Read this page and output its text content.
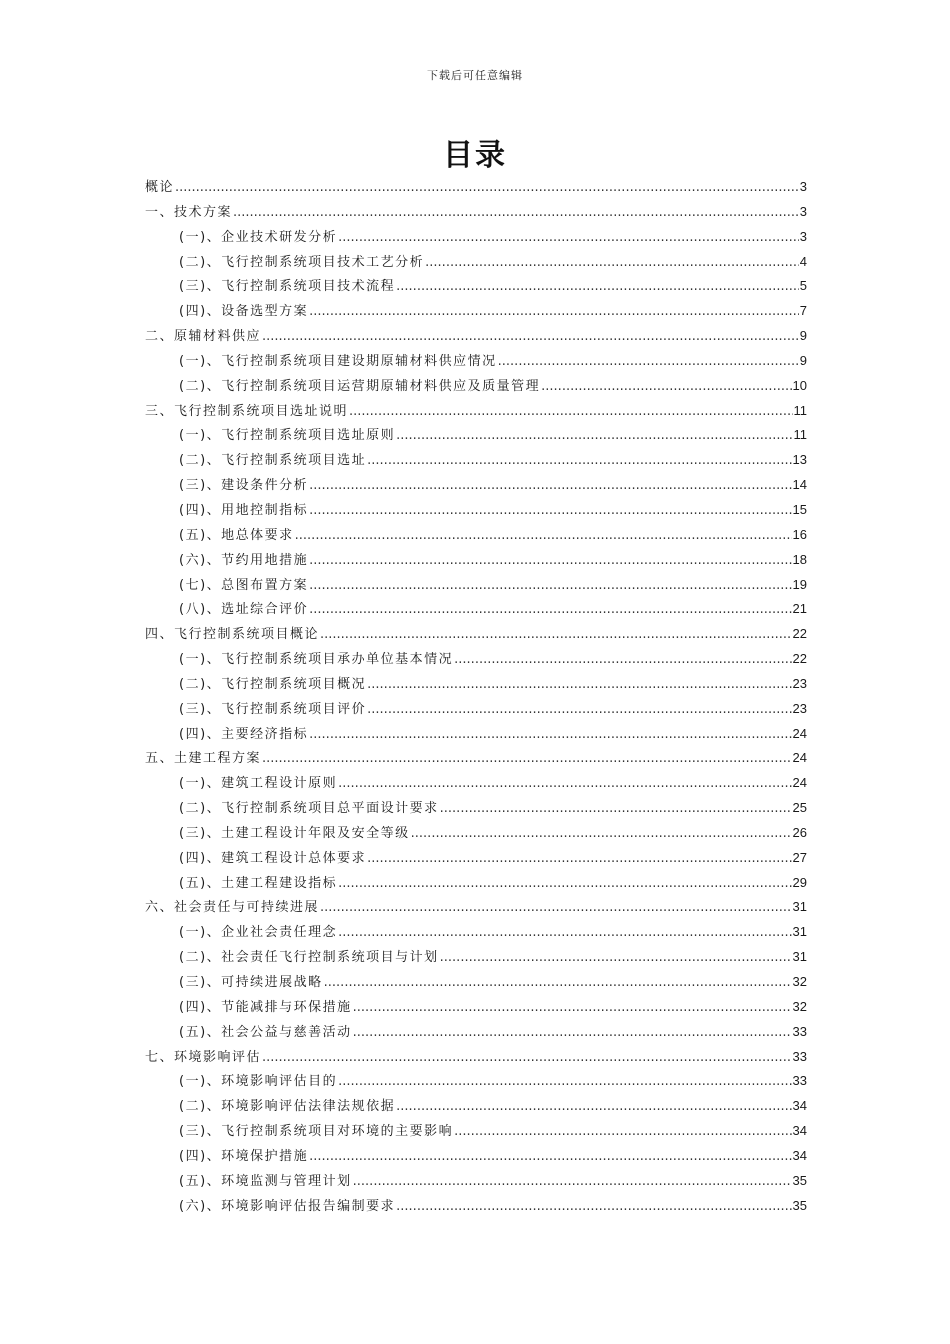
下载后可任意编辑
目录
概论 .....	3
一、技术方案 .....	3
(一)、企业技术研发分析 .....	3
(二)、飞行控制系统项目技术工艺分析 .....	4
(三)、飞行控制系统项目技术流程 .....	5
(四)、设备选型方案 .....	7
二、原辅材料供应 .....	9
(一)、飞行控制系统项目建设期原辅材料供应情况 .....	9
(二)、飞行控制系统项目运营期原辅材料供应及质量管理 .....	10
三、飞行控制系统项目选址说明 .....	11
(一)、飞行控制系统项目选址原则 .....	11
(二)、飞行控制系统项目选址 .....	13
(三)、建设条件分析 .....	14
(四)、用地控制指标 .....	15
(五)、地总体要求 .....	16
(六)、节约用地措施 .....	18
(七)、总图布置方案 .....	19
(八)、选址综合评价 .....	21
四、飞行控制系统项目概论 .....	22
(一)、飞行控制系统项目承办单位基本情况 .....	22
(二)、飞行控制系统项目概况 .....	23
(三)、飞行控制系统项目评价 .....	23
(四)、主要经济指标 .....	24
五、土建工程方案 .....	24
(一)、建筑工程设计原则 .....	24
(二)、飞行控制系统项目总平面设计要求 .....	25
(三)、土建工程设计年限及安全等级 .....	26
(四)、建筑工程设计总体要求 .....	27
(五)、土建工程建设指标 .....	29
六、社会责任与可持续进展 .....	31
(一)、企业社会责任理念 .....	31
(二)、社会责任飞行控制系统项目与计划 .....	31
(三)、可持续进展战略 .....	32
(四)、节能减排与环保措施 .....	32
(五)、社会公益与慈善活动 .....	33
七、环境影响评估 .....	33
(一)、环境影响评估目的 .....	33
(二)、环境影响评估法律法规依据 .....	34
(三)、飞行控制系统项目对环境的主要影响 .....	34
(四)、环境保护措施 .....	34
(五)、环境监测与管理计划 .....	35
(六)、环境影响评估报告编制要求 .....	35
